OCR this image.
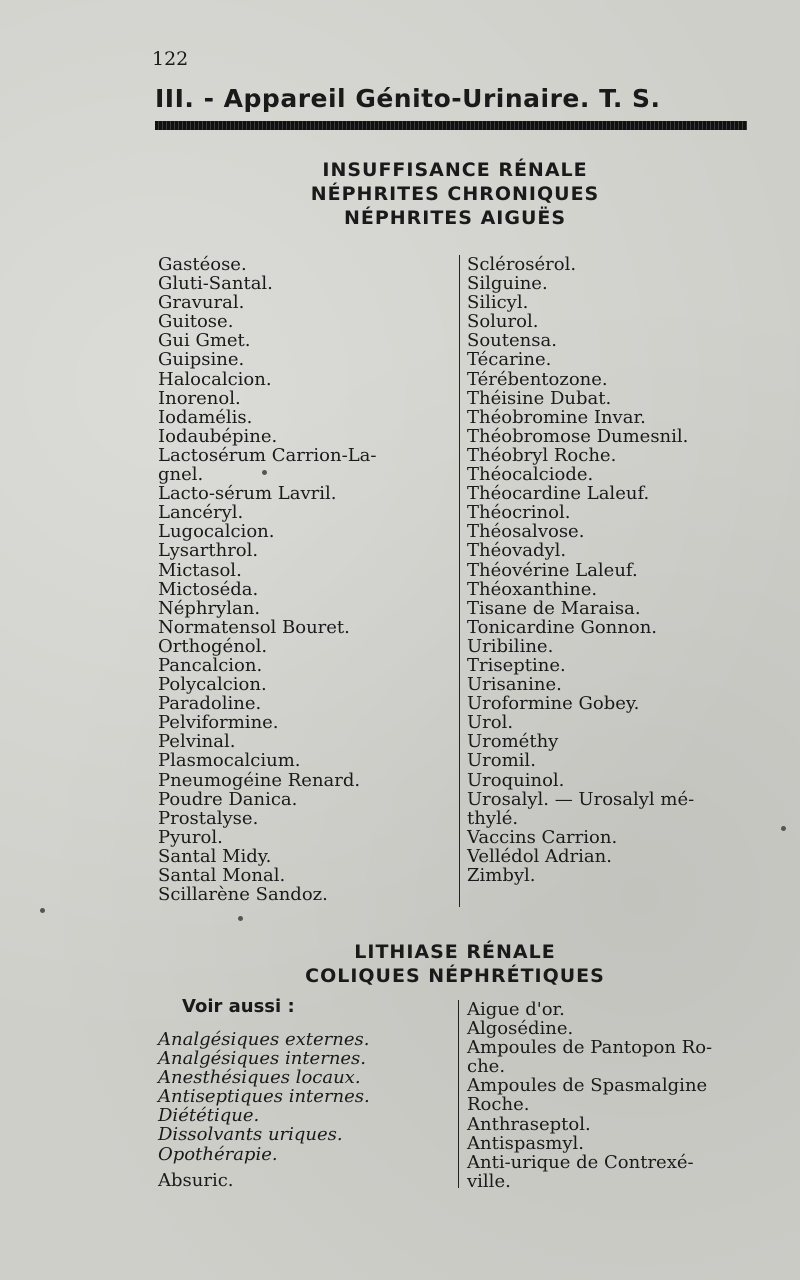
122
III. - Appareil Génito-Urinaire. T. S.
INSUFFISANCE RÉNALE
NÉPHRITES CHRONIQUES
NÉPHRITES AIGUËS
Gastéose.
Gluti-Santal.
Gravural.
Guitose.
Gui Gmet.
Guipsine.
Halocalcion.
Inorenol.
Iodamélis.
Iodaubépine.
Lactosérum Carrion-La-
gnel.
Lacto-sérum Lavril.
Lancéryl.
Lugocalcion.
Lysarthrol.
Mictasol.
Mictoséda.
Néphrylan.
Normatensol Bouret.
Orthogénol.
Pancalcion.
Polycalcion.
Paradoline.
Pelviformine.
Pelvinal.
Plasmocalcium.
Pneumogéine Renard.
Poudre Danica.
Prostalyse.
Pyurol.
Santal Midy.
Santal Monal.
Scillarène Sandoz.
Sclérosérol.
Silguine.
Silicyl.
Solurol.
Soutensa.
Técarine.
Térébentozone.
Théisine Dubat.
Théobromine Invar.
Théobromose Dumesnil.
Théobryl Roche.
Théocalciode.
Théocardine Laleuf.
Théocrinol.
Théosalvose.
Théovadyl.
Théovérine Laleuf.
Théoxanthine.
Tisane de Maraisa.
Tonicardine Gonnon.
Uribiline.
Triseptine.
Urisanine.
Uroformine Gobey.
Urol.
Urométhy
Uromil.
Uroquinol.
Urosalyl. — Urosalyl mé-
thylé.
Vaccins Carrion.
Vellédol Adrian.
Zimbyl.
LITHIASE RÉNALE
COLIQUES NÉPHRÉTIQUES
Voir aussi :
Analgésiques externes.
Analgésiques internes.
Anesthésiques locaux.
Antiseptiques internes.
Diététique.
Dissolvants uriques.
Opothérapie.
Absuric.
Aigue d'or.
Algosédine.
Ampoules de Pantopon Ro-
che.
Ampoules de Spasmalgine
Roche.
Anthraseptol.
Antispasmyl.
Anti-urique de Contrexé-
ville.
